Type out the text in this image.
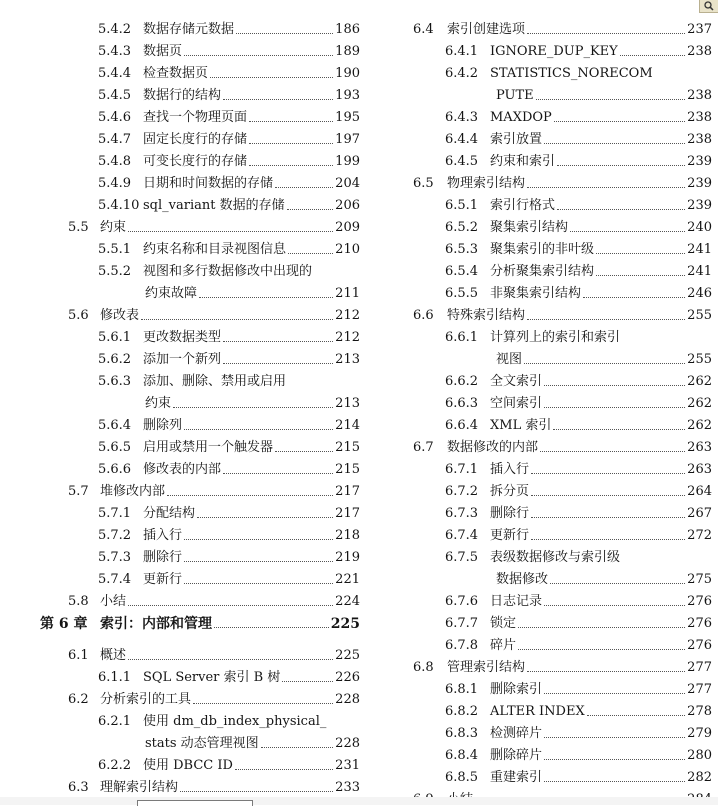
5.4.2 数据存储元数据	186
5.4.3 数据页	189
5.4.4 检查数据页	190
5.4.5 数据行的结构	193
5.4.6 查找一个物理页面	195
5.4.7 固定长度行的存储	197
5.4.8 可变长度行的存储	199
5.4.9 日期和时间数据的存储	204
5.4.10 sql_variant 数据的存储	206
5.5 约束	209
5.5.1 约束名称和目录视图信息	210
5.5.2 视图和多行数据修改中出现的
约束故障	211
5.6 修改表	212
5.6.1 更改数据类型	212
5.6.2 添加一个新列	213
5.6.3 添加、删除、禁用或启用
约束	213
5.6.4 删除列	214
5.6.5 启用或禁用一个触发器	215
5.6.6 修改表的内部	215
5.7 堆修改内部	217
5.7.1 分配结构	217
5.7.2 插入行	218
5.7.3 删除行	219
5.7.4 更新行	221
5.8 小结	224
第 6 章 索引：内部和管理	225
6.1 概述	225
6.1.1 SQL Server 索引 B 树	226
6.2 分析索引的工具	228
6.2.1 使用 dm_db_index_physical_
stats 动态管理视图	228
6.2.2 使用 DBCC ID	231
6.3 理解索引结构	233
6.4	索引创建选项	237
6.4.1 IGNORE_DUP_KEY	238
6.4.2 STATISTICS_NORECOM
PUTE	238
6.4.3 MAXDOP	238
6.4.4 索引放置	238
6.4.5 约束和索引	239
6.5	物理索引结构	239
6.5.1 索引行格式	239
6.5.2 聚集索引结构	240
6.5.3 聚集索引的非叶级	241
6.5.4 分析聚集索引结构	241
6.5.5 非聚集索引结构	246
6.6	特殊索引结构	255
6.6.1 计算列上的索引和索引
视图	255
6.6.2 全文索引	262
6.6.3 空间索引	262
6.6.4 XML 索引	262
6.7	数据修改的内部	263
6.7.1 插入行	263
6.7.2 拆分页	264
6.7.3 删除行	267
6.7.4 更新行	272
6.7.5 表级数据修改与索引级
数据修改	275
6.7.6 日志记录	276
6.7.7 锁定	276
6.7.8 碎片	276
6.8	管理索引结构	277
6.8.1 删除索引	277
6.8.2 ALTER INDEX	278
6.8.3 检测碎片	279
6.8.4 删除碎片	280
6.8.5 重建索引	282
